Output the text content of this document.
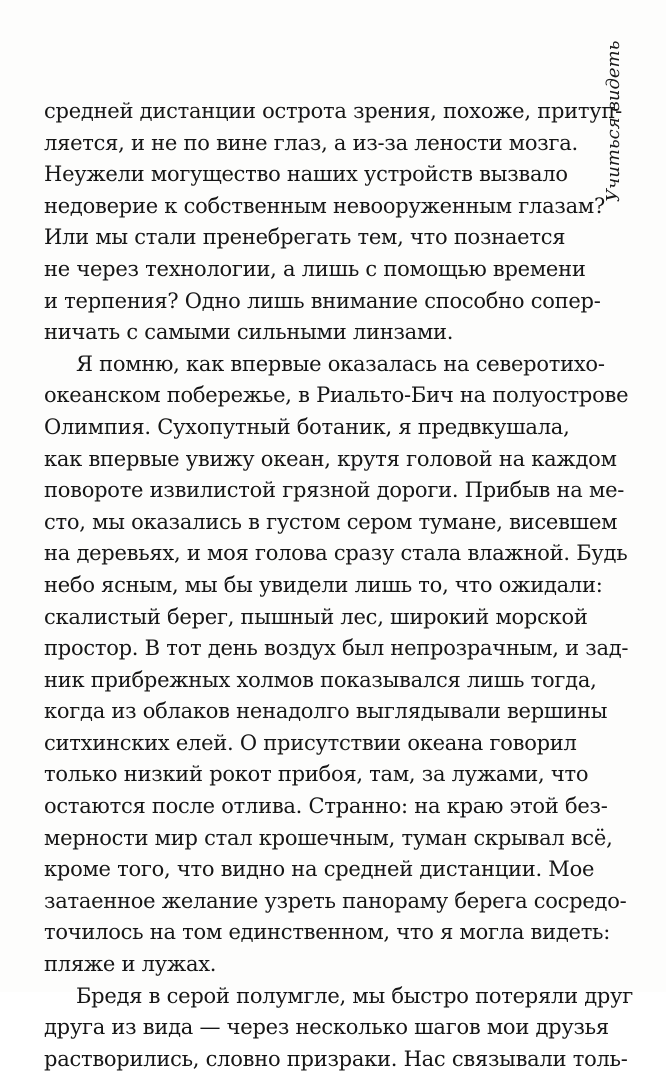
Учиться видеть
средней дистанции острота зрения, похоже, притуп-
ляется, и не по вине глаз, а из-за лености мозга.
Неужели могущество наших устройств вызвало
недоверие к собственным невооруженным глазам?
Или мы стали пренебрегать тем, что познается
не через технологии, а лишь с помощью времени
и терпения? Одно лишь внимание способно сопер-
ничать с самыми сильными линзами.
Я помню, как впервые оказалась на северотихо-
океанском побережье, в Риальто-Бич на полуострове
Олимпия. Сухопутный ботаник, я предвкушала,
как впервые увижу океан, крутя головой на каждом
повороте извилистой грязной дороги. Прибыв на ме-
сто, мы оказались в густом сером тумане, висевшем
на деревьях, и моя голова сразу стала влажной. Будь
небо ясным, мы бы увидели лишь то, что ожидали:
скалистый берег, пышный лес, широкий морской
простор. В тот день воздух был непрозрачным, и зад-
ник прибрежных холмов показывался лишь тогда,
когда из облаков ненадолго выглядывали вершины
ситхинских елей. О присутствии океана говорил
только низкий рокот прибоя, там, за лужами, что
остаются после отлива. Странно: на краю этой без-
мерности мир стал крошечным, туман скрывал всё,
кроме того, что видно на средней дистанции. Мое
затаенное желание узреть панораму берега сосредо-
точилось на том единственном, что я могла видеть:
пляже и лужах.
Бредя в серой полумгле, мы быстро потеряли друг
друга из вида — через несколько шагов мои друзья
растворились, словно призраки. Нас связывали толь-
